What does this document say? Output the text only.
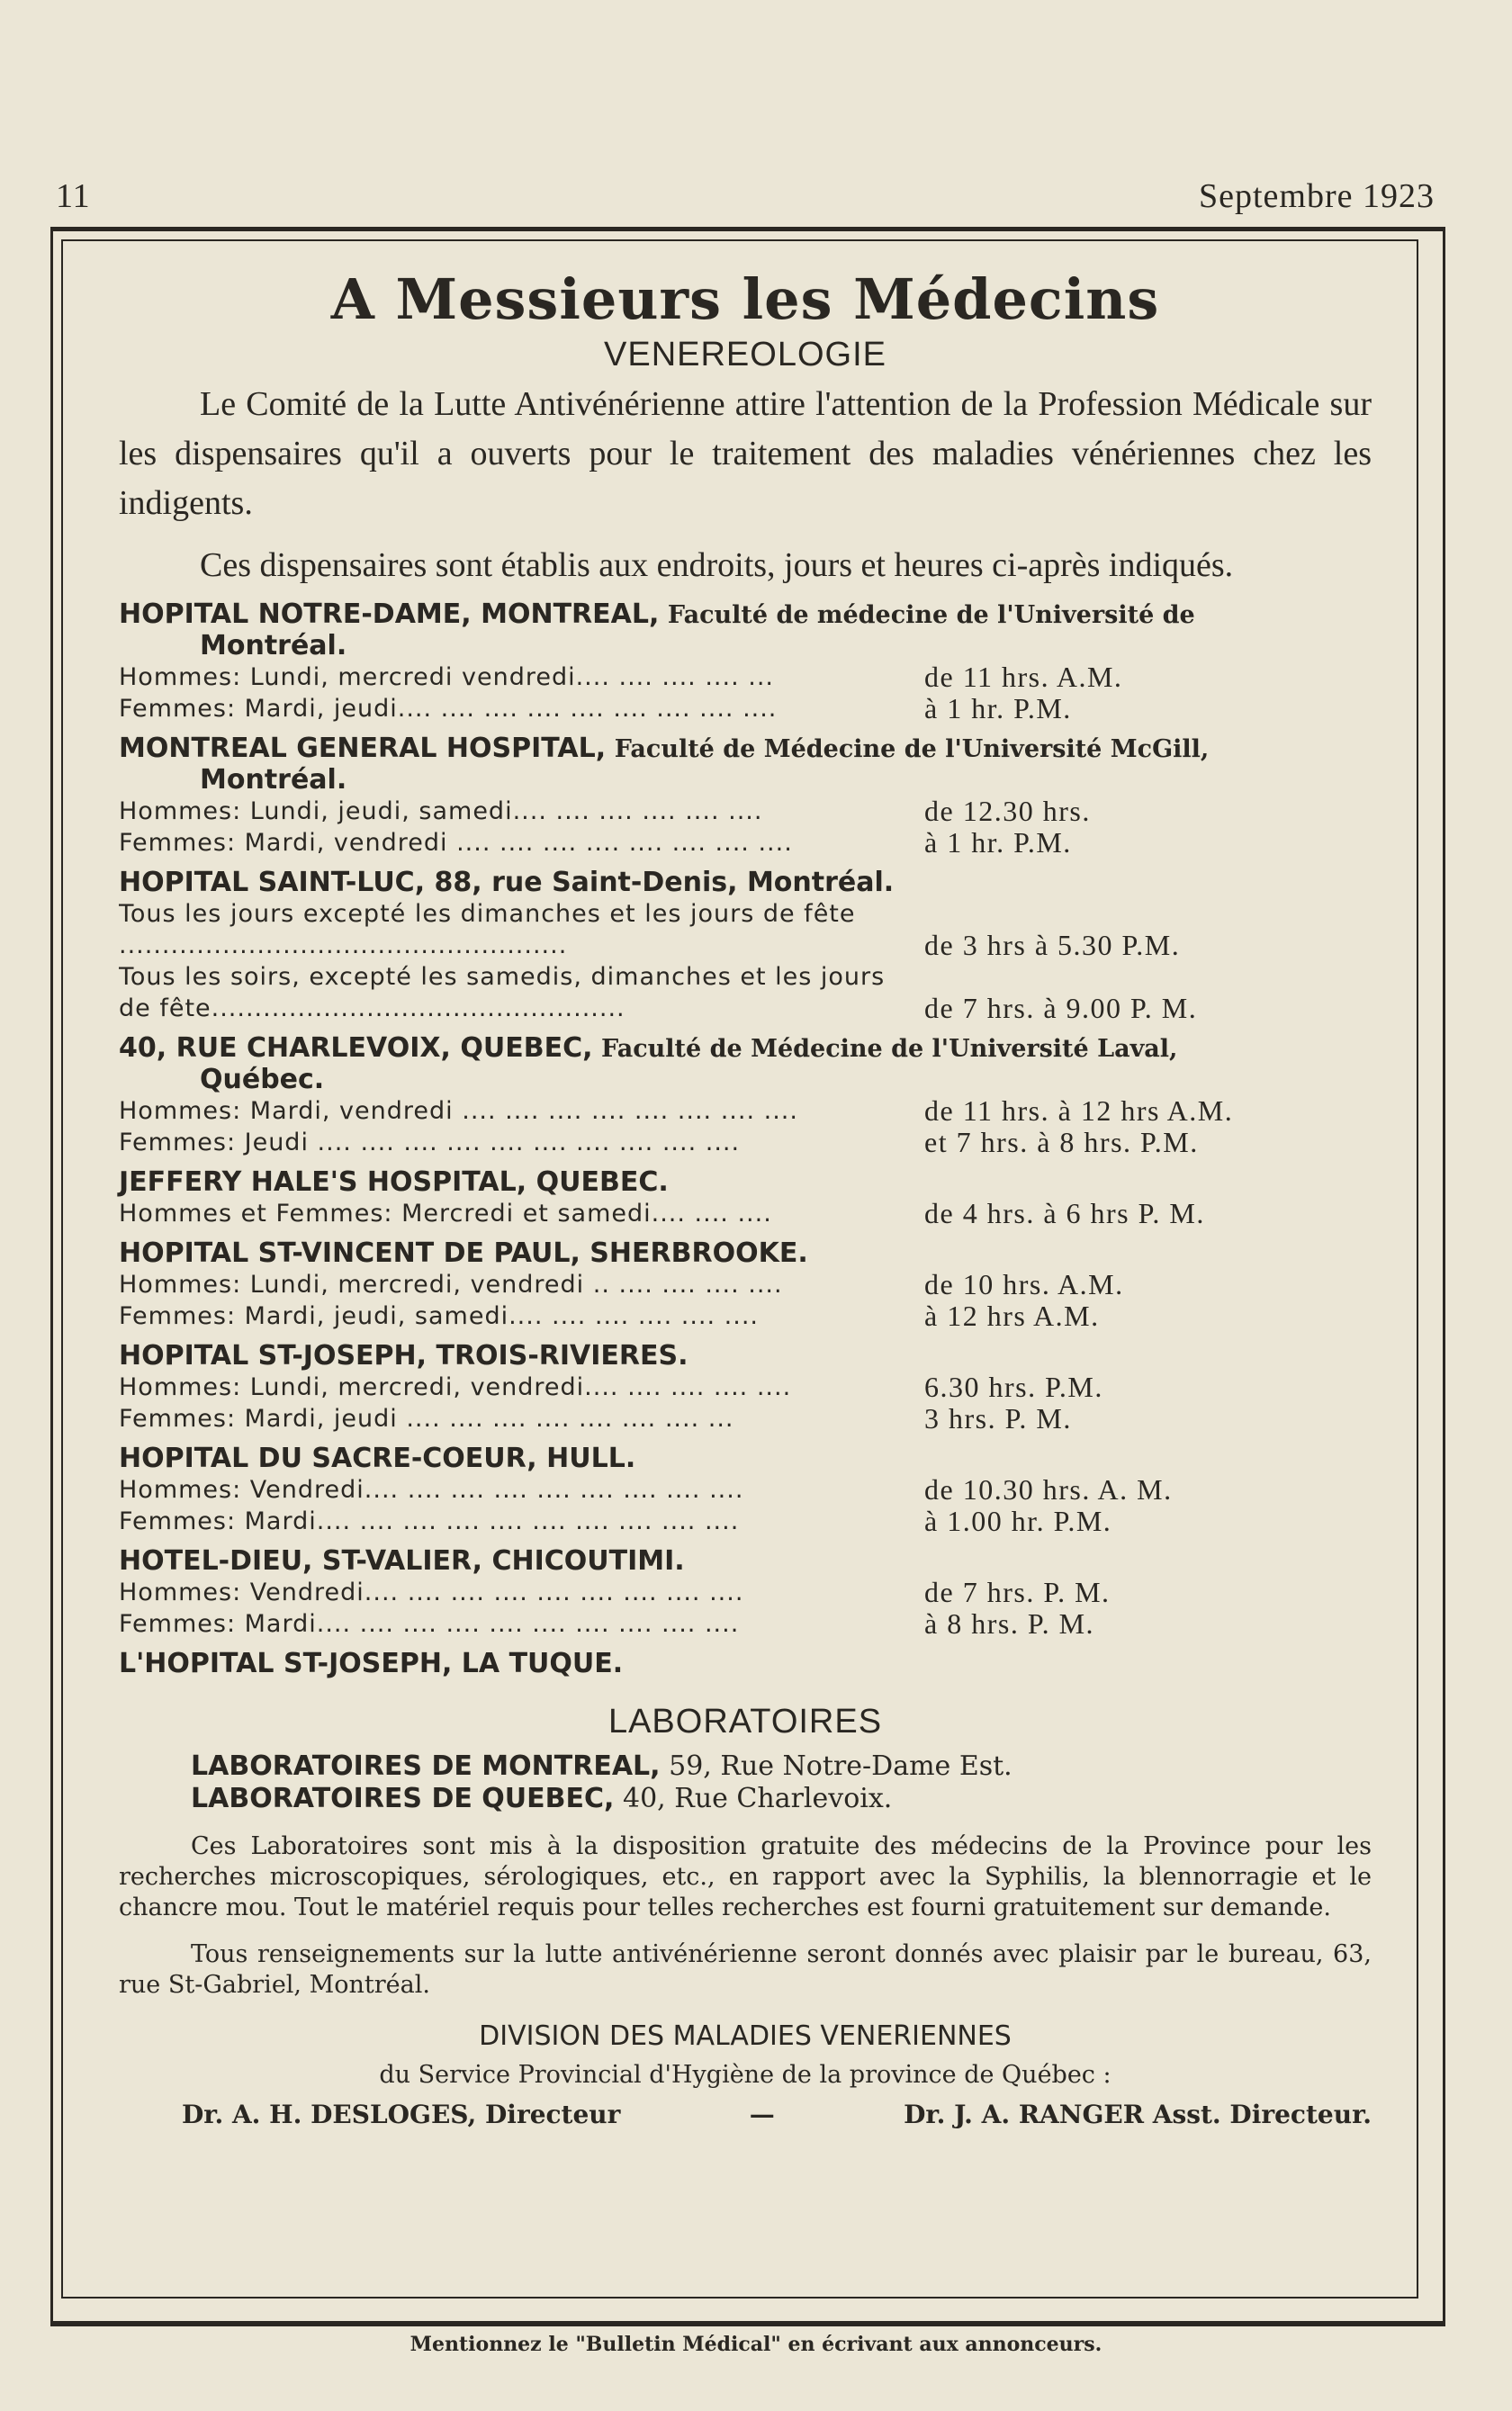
11	Septembre 1923
A Messieurs les Médecins
VENEREOLOGIE

Le Comité de la Lutte Antivénérienne attire l'attention de la Profession Médicale sur les dispensaires qu'il a ouverts pour le traitement des maladies vénériennes chez les indigents.

Ces dispensaires sont établis aux endroits, jours et heures ci-après indiqués.

HOPITAL NOTRE-DAME, MONTREAL, Faculté de médecine de l'Université de
Montréal.
Hommes: Lundi, mercredi vendredi.... .... .... .... ...	de 11 hrs. A.M.
Femmes: Mardi, jeudi.... .... .... .... .... .... .... .... ....	à 1 hr. P.M.
MONTREAL GENERAL HOSPITAL, Faculté de Médecine de l'Université McGill,
Montréal.
Hommes: Lundi, jeudi, samedi.... .... .... .... .... ....	de 12.30 hrs.
Femmes: Mardi, vendredi .... .... .... .... .... .... .... ....	à 1 hr. P.M.
HOPITAL SAINT-LUC, 88, rue Saint-Denis, Montréal.
Tous les jours excepté les dimanches et les jours de fête ....................................................	de 3 hrs à 5.30 P.M.
Tous les soirs, excepté les samedis, dimanches et les jours de fête................................................	de 7 hrs. à 9.00 P. M.
40, RUE CHARLEVOIX, QUEBEC, Faculté de Médecine de l'Université Laval,
Québec.
Hommes: Mardi, vendredi .... .... .... .... .... .... .... ....	de 11 hrs. à 12 hrs A.M.
Femmes: Jeudi .... .... .... .... .... .... .... .... .... ....	et 7 hrs. à 8 hrs. P.M.
JEFFERY HALE'S HOSPITAL, QUEBEC.
Hommes et Femmes: Mercredi et samedi.... .... ....	de 4 hrs. à 6 hrs P. M.
HOPITAL ST-VINCENT DE PAUL, SHERBROOKE.
Hommes: Lundi, mercredi, vendredi .. .... .... .... ....	de 10 hrs. A.M.
Femmes: Mardi, jeudi, samedi.... .... .... .... .... ....	à 12 hrs A.M.
HOPITAL ST-JOSEPH, TROIS-RIVIERES.
Hommes: Lundi, mercredi, vendredi.... .... .... .... ....	6.30 hrs. P.M.
Femmes: Mardi, jeudi .... .... .... .... .... .... .... ...	3 hrs. P. M.
HOPITAL DU SACRE-COEUR, HULL.
Hommes: Vendredi.... .... .... .... .... .... .... .... ....	de 10.30 hrs. A. M.
Femmes: Mardi.... .... .... .... .... .... .... .... .... ....	à 1.00 hr. P.M.
HOTEL-DIEU, ST-VALIER, CHICOUTIMI.
Hommes: Vendredi.... .... .... .... .... .... .... .... ....	de 7 hrs. P. M.
Femmes: Mardi.... .... .... .... .... .... .... .... .... ....	à 8 hrs. P. M.
L'HOPITAL ST-JOSEPH, LA TUQUE.
LABORATOIRES
LABORATOIRES DE MONTREAL, 59, Rue Notre-Dame Est.
LABORATOIRES DE QUEBEC, 40, Rue Charlevoix.

Ces Laboratoires sont mis à la disposition gratuite des médecins de la Province pour les recherches microscopiques, sérologiques, etc., en rapport avec la Syphilis, la blennorragie et le chancre mou. Tout le matériel requis pour telles recherches est fourni gratuitement sur demande.

Tous renseignements sur la lutte antivénérienne seront donnés avec plaisir par le bureau, 63, rue St-Gabriel, Montréal.

DIVISION DES MALADIES VENERIENNES
du Service Provincial d'Hygiène de la province de Québec :
Dr. A. H. DESLOGES, Directeur	—	Dr. J. A. RANGER Asst. Directeur.
Mentionnez le "Bulletin Médical" en écrivant aux annonceurs.
